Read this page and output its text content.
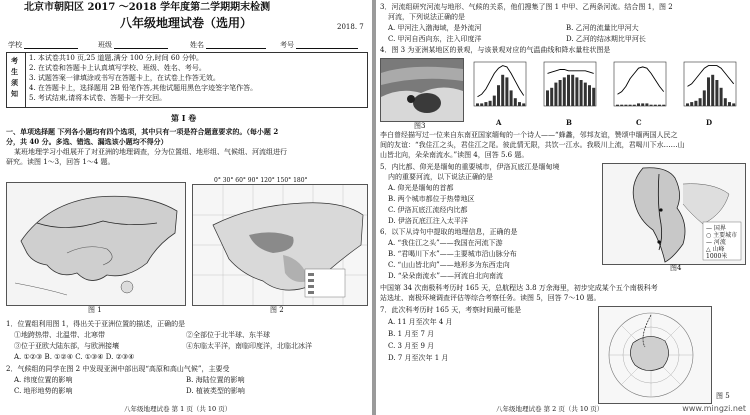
北京市朝阳区 2017 ～2018 学年度第二学期期末检测
八年级地理试卷（选用）	2018. 7
学校	班级	姓名	考号
考
生
须
知
1. 本试卷共10 页,25 道题,满分 100 分,时间 60 分钟。
2. 在试卷和答题卡上认真填写学校、班级、姓名、考号。
3. 试题答案一律填涂或书写在答题卡上，在试卷上作答无效。
4. 在答题卡上，选择题用 2B 铅笔作答,其他试题用黑色字迹签字笔作答。
5. 考试结束,请将本试卷、答题卡一并交回。
第 Ⅰ 卷
一、单项选择题 下列各小题均有四个选项，其中只有一项是符合题意要求的。（每小题 2
分，共 40 分。多选、错选、漏选该小题均不得分）
某班地理学习小组展开了对亚洲的地理调查，分为位置组、地形组、气候组、河流组进行
研究。读图 1～3，回答 1～4 题。
图 1
0° 30° 60° 90° 120° 150° 180°
图 2
1．位置组利用图 1，得出关于亚洲位置的描述，正确的是
①地跨热带、北温带、北寒带	②全部位于北半球、东半球
③位于亚欧大陆东部，与欧洲接壤	④东临太平洋，南临印度洋，北临北冰洋
A. ①②③ B. ①②④ C. ①③④ D. ②③④
2．气候组的同学在图 2 中发现亚洲中部出现“高原和高山气候”，主要受
A. 纬度位置的影响	B. 海陆位置的影响
C. 地形地势的影响	D. 植被类型的影响
八年级地理试卷 第 1 页（共 10 页）
3．河流组研究河流与地形、气候的关系，他们搜集了图 1 中甲、乙两条河流。结合图 1，图 2
河流，下列说法正确的是
A. 甲河注入渤海域，是外流河	B. 乙河的流量比甲河大
C. 甲河自西向东，注入印度洋	D. 乙河的结冰期比甲河长
4．图 3 为亚洲某地区的景观，与该景观对应的气温曲线和降水量柱状图是
图3	A	B	C	D
李白曾经描写过一位来自东南亚国家缅甸的一个诗人——“蜂蠡，邻邦友谊，赞颂中缅两国人民之
间的友谊：“我住江之头，君住江之尾。彼此情无限，共饮一江水。我吸川上流，君喝川下水……山
山皆北向，朵朵南流水。”读图 4，回答 5.6 题。
5．内比都、仰光是缅甸的重要城市，伊洛瓦底江是缅甸境
内的重要河流，以下说法正确的是
A. 仰光是缅甸的首都
B. 两个城市都位于热带地区
C. 伊洛瓦底江流经内比都
D. 伊洛瓦底江注入太平洋
6．以下从诗句中提取的地理信息，正确的是
A. “我住江之头”——我国在河流下游
B. “君喝川下水”——主要城市沿山脉分布
C. “山山皆北向”——地形多为东西走向
D. “朵朵南流水”——河流自北向南流
— 国界
○ 主要城市
— 河流
△ 山峰
1000米
图4
中国第 34 次南极科考历时 165 天，总航程达 3.8 万余海里，初步完成某个五个南极科考
站选址、南极环境调查评估等综合考察任务。读图 5，回答 7～10 题。
7．此次科考历时 165 天，考察时间最可能是
A. 11 月至次年 4 月
B. 1 月至 7 月
C. 3 月至 9 月
D. 7 月至次年 1 月
图 5
八年级地理试卷 第 2 页（共 10 页）	www.mingzi.net
